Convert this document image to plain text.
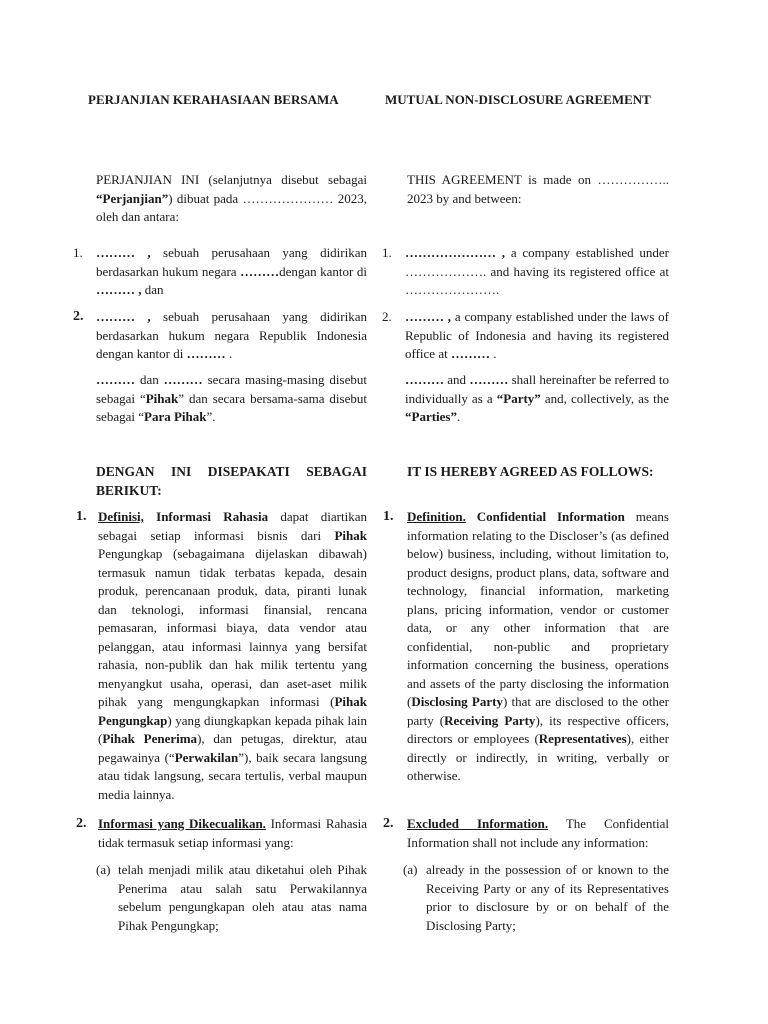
PERJANJIAN KERAHASIAAN BERSAMA
PERJANJIAN INI (selanjutnya disebut sebagai “Perjanjian”) dibuat pada ………………… 2023, oleh dan antara:
1. ……… , sebuah perusahaan yang didirikan berdasarkan hukum negara ………dengan kantor di ……… , dan
2. ……… , sebuah perusahaan yang didirikan berdasarkan hukum negara Republik Indonesia dengan kantor di ……… .
……… dan ……… secara masing-masing disebut sebagai “Pihak” dan secara bersama-sama disebut sebagai “Para Pihak”.
DENGAN INI DISEPAKATI SEBAGAI BERIKUT:
1. Definisi, Informasi Rahasia dapat diartikan sebagai setiap informasi bisnis dari Pihak Pengungkap (sebagaimana dijelaskan dibawah) termasuk namun tidak terbatas kepada, desain produk, perencanaan produk, data, piranti lunak dan teknologi, informasi finansial, rencana pemasaran, informasi biaya, data vendor atau pelanggan, atau informasi lainnya yang bersifat rahasia, non-publik dan hak milik tertentu yang menyangkut usaha, operasi, dan aset-aset milik pihak yang mengungkapkan informasi (Pihak Pengungkap) yang diungkapkan kepada pihak lain (Pihak Penerima), dan petugas, direktur, atau pegawainya (“Perwakilan”), baik secara langsung atau tidak langsung, secara tertulis, verbal maupun media lainnya.
2. Informasi yang Dikecualikan. Informasi Rahasia tidak termasuk setiap informasi yang:
(a) telah menjadi milik atau diketahui oleh Pihak Penerima atau salah satu Perwakilannya sebelum pengungkapan oleh atau atas nama Pihak Pengungkap;
MUTUAL NON-DISCLOSURE AGREEMENT
THIS AGREEMENT is made on …………….. 2023 by and between:
1. ………………… , a company established under ………………. and having its registered office at ………………….
2. ……… , a company established under the laws of Republic of Indonesia and having its registered office at ……… .
……… and ……… shall hereinafter be referred to individually as a “Party” and, collectively, as the “Parties”.
IT IS HEREBY AGREED AS FOLLOWS:
1. Definition. Confidential Information means information relating to the Discloser’s (as defined below) business, including, without limitation to, product designs, product plans, data, software and technology, financial information, marketing plans, pricing information, vendor or customer data, or any other information that are confidential, non-public and proprietary information concerning the business, operations and assets of the party disclosing the information (Disclosing Party) that are disclosed to the other party (Receiving Party), its respective officers, directors or employees (Representatives), either directly or indirectly, in writing, verbally or otherwise.
2. Excluded Information. The Confidential Information shall not include any information:
(a) already in the possession of or known to the Receiving Party or any of its Representatives prior to disclosure by or on behalf of the Disclosing Party;
